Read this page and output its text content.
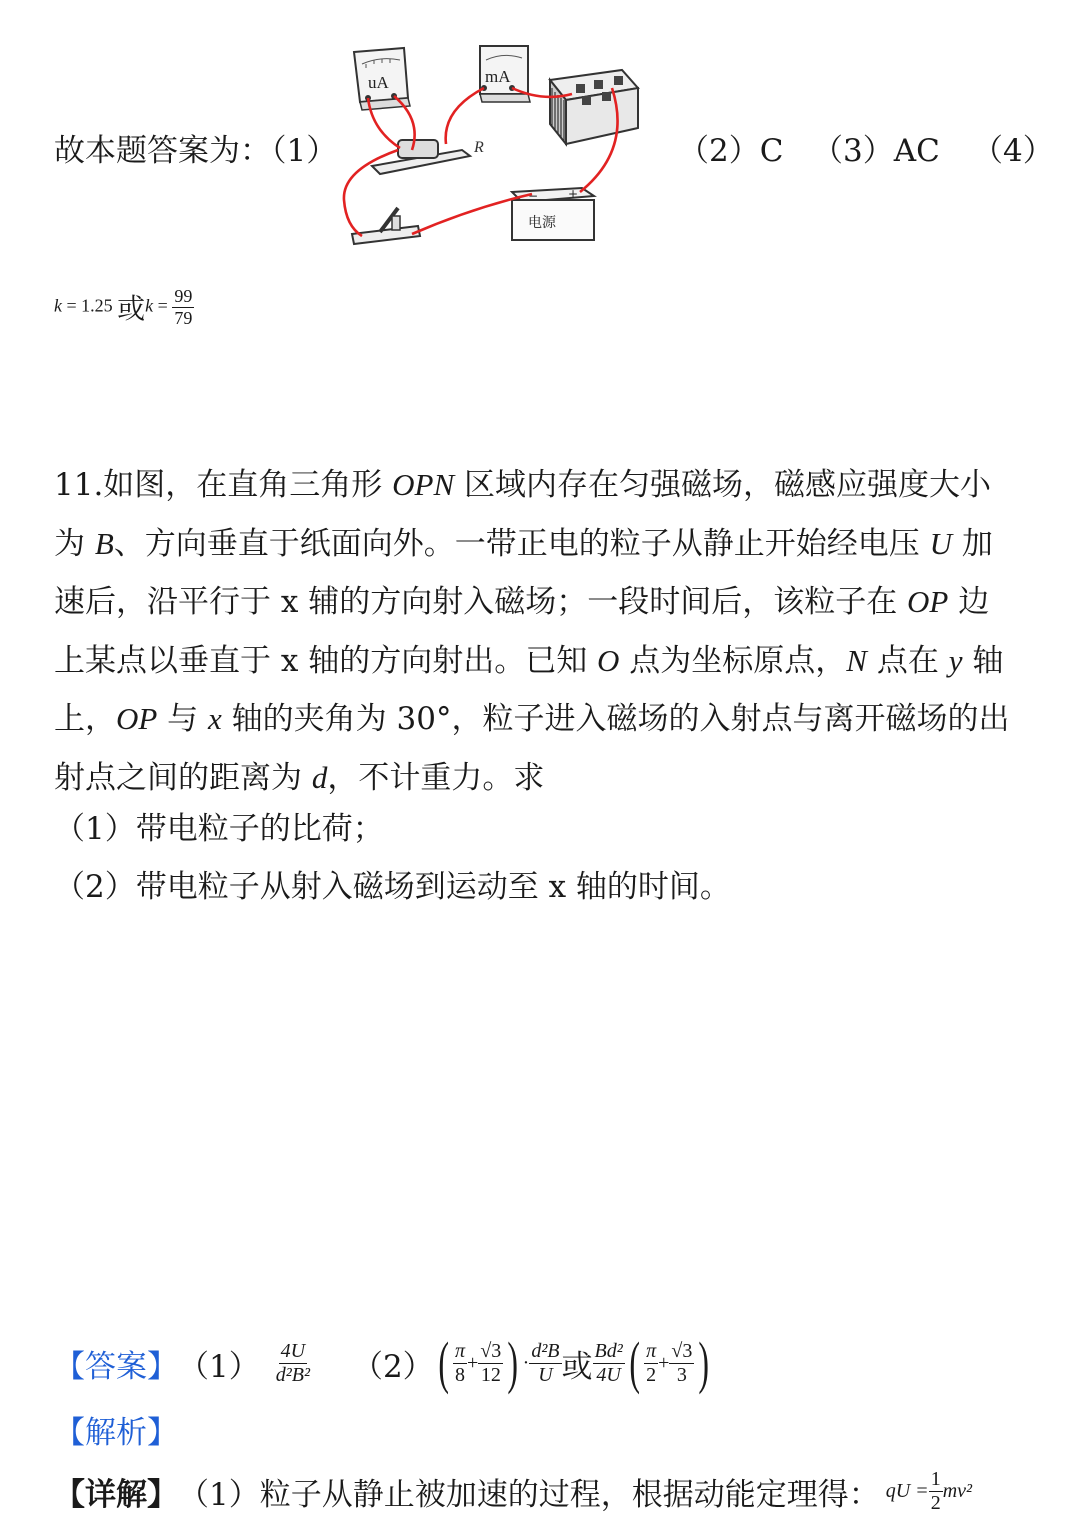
故本题答案为：（1）
uA	mA
R
电源
− +
（2）C （3）AC （4）
k = 1.25 或$k = \frac{99}{79}$

11.如图，在直角三角形 OPN 区域内存在匀强磁场，磁感应强度大小

为 B、方向垂直于纸面向外。一带正电的粒子从静止开始经电压 U 加

速后，沿平行于 x 辅的方向射入磁场；一段时间后，该粒子在 OP 边

上某点以垂直于 x 轴的方向射出。已知 O 点为坐标原点，N 点在 y 轴

上，OP 与 x 轴的夹角为 30°，粒子进入磁场的入射点与离开磁场的出

射点之间的距离为 d，不计重力。求

（1）带电粒子的比荷；

（2）带电粒子从射入磁场到运动至 x 轴的时间。

【答案】 $(1) \frac{4U}{\text{d²B²}} (2)$ ( $\frac{\pi}{8} + \frac{√3}{12}$ ) · $\frac{\text{d²B}}{U}$ 或 $\frac{\text{Bd²}}{4U}$ ( $\frac{\pi}{2} + \frac{√3}{3}$ )
【解析】
【详解】 （1）粒子从静止被加速的过程，根据动能定理得： qU = $\frac{1}{2} mv^2$
